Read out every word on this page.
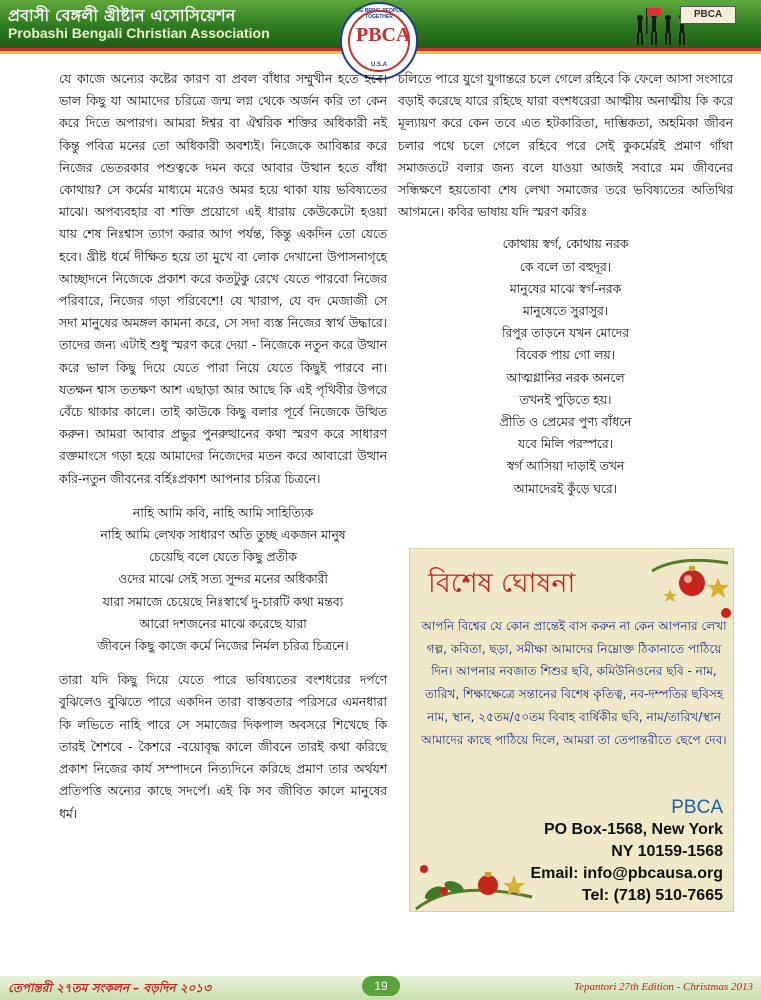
প্রবাসী বেঙ্গলী খ্রীষ্টান এসোসিয়েশন
Probashi Bengali Christian Association
WE BRING PEOPLE TOGETHER
PBCA
U.S.A
PBCA

যে কাজে অন্যের কষ্টের কারণ বা প্রবল বাঁধার সম্মুখীন হতে হবে। ভাল কিছু যা আমাদের চরিত্রে জন্ম লগ্ন থেকে অর্জন করি তা কেন করে দিতে অপারগ। আমরা ঈশ্বর বা ঐশ্বরিক শক্তির অধিকারী নই কিন্তু পবিত্র মনের তো অধিকারী অবশ্যই। নিজেকে আবিষ্কার করে নিজের ভেতরকার পশুত্বকে দমন করে আবার উত্থান হতে বাঁধা কোথায়? সে কর্মের মাধ্যমে মরেও অমর হয়ে থাকা যায় ভবিষ্যতের মাঝে। অপব্যবহার বা শক্তি প্রয়োগে এই ধারায় কেউকেটো হওয়া যায় শেষ নিঃশ্বাস ত্যাগ করার আগ পর্যন্ত, কিন্তু একদিন তো যেতে হবে। খ্রীষ্ট ধর্মে দীক্ষিত হয়ে তা মুখে বা লোক দেখানো উপাসনাগৃহে আচ্ছাদনে নিজেকে প্রকাশ করে কতটুকু রেখে যেতে পারবো নিজের পরিবারে, নিজের গড়া পরিবেশে! যে খারাপ, যে বদ মেজাজী সে সদা মানুষের অমঙ্গল কামনা করে, সে সদা ব্যস্ত নিজের স্বার্থ উদ্ধারে। তাদের জন্য এটাই শুধু স্মরণ করে দেয়া - নিজেকে নতুন করে উত্থান করে ভাল কিছু দিয়ে যেতে পারা নিয়ে যেতে কিছুই পারবে না। যতক্ষন শ্বাস ততক্ষণ আশ এছাড়া আর আছে কি এই পৃথিবীর উপরে বেঁচে থাকার কালে। তাই কাউকে কিছু বলার পূর্বে নিজেকে উত্থিত করুন। আমরা আবার প্রভুর পুনরুত্থানের কথা স্মরণ করে সাধারণ রক্তমাংসে গড়া হয়ে আমাদের নিজেদের মতন করে আবারো উত্থান করি-নতুন জীবনের বর্হিঃপ্রকাশ আপনার চরিত্র চিত্রনে।

নাহি আমি কবি, নাহি আমি সাহিত্যিক
নাহি আমি লেখক সাধারণ অতি তুচ্ছ একজন মানুষ
চেয়েছি বলে যেতে কিছু প্রতীক
ওদের মাঝে সেই সত্য সুন্দর মনের অধিকারী
যারা সমাজে চেয়েছে নিঃস্বার্থে দু-চারটি কথা মন্তব্য
আরো দশজনের মাঝে করেছে যারা
জীবনে কিছু কাজে কর্মে নিজের নির্মল চরিত্র চিত্রনে।

তারা যদি কিছু দিয়ে যেতে পারে ভবিষ্যতের বংশধরের দর্পণে বুঝিলেও বুঝিতে পারে একদিন তারা বাস্তবতার পরিসরে এমনধারা কি লভিতে নাহি পারে সে সমাজের দিকপাল অবসরে শিখেছে কি তারই শৈশবে - কৈশরে -বয়োবৃদ্ধ কালে জীবনে তারই কথা করিছে প্রকাশ নিজের কার্য সম্পাদনে নিত্যদিনে করিছে প্রমাণ তার অর্থযশ প্রতিপত্তি অন্যের কাছে সদর্পে। এই কি সব জীবিত কালে মানুষের ধর্ম।

চলিতে পারে যুগে যুগান্তরে চলে গেলে রহিবে কি ফেলে আসা সংসারে বড়াই করেছে যারে রহিছে যারা বংশধরেরা আত্মীয় অনাত্মীয় কি করে মূল্যায়ণ করে কেন তবে এত হটকারিতা, দাম্ভিকতা, অহমিকা জীবন চলার পথে চলে গেলে রহিবে পরে সেই কুকর্মেরই প্রমাণ গাঁথা সমাজতটে বলার জন্য বলে যাওয়া আজই সবারে মম জীবনের সন্ধিক্ষণে হয়তোবা শেষ লেখা সমাজের তরে ভবিষ্যতের অতিথির আগমনে। কবির ভাষায় যদি স্মরণ করিঃ

কোথায় স্বর্গ, কোথায় নরক
কে বলে তা বহুদূর।
মানুষের মাঝে স্বর্গ-নরক
মানুষেতে সুরাসুর।
রিপুর তাড়নে যখন মোদের
বিবেক পায় গো লয়।
আত্মগ্লানির নরক অনলে
তখনই পুড়িতে হয়।
প্রীতি ও প্রেমের পুণ্য বাঁধনে
যবে মিলি পরস্পরে।
স্বর্গ আসিয়া দাড়াই তখন
আমাদেরই কুঁড়ে ঘরে।
বিশেষ ঘোষনা
আপনি বিশ্বের যে কোন প্রান্তেই বাস করুন না কেন আপনার লেখা গল্প, কবিতা, ছড়া, সমীক্ষা আমাদের নিম্নোক্ত ঠিকানাতে পাঠিয়ে দিন। আপনার নবজাত শিশুর ছবি, কমিউনিওনের ছবি - নাম, তারিখ, শিক্ষাক্ষেত্রে সন্তানের বিশেষ কৃতিত্ব, নব-দম্পতির ছবিসহ নাম, স্থান, ২৫তম/৫০তম বিবাহ বার্ষিকীর ছবি, নাম/তারিখ/স্থান আমাদের কাছে পাঠিয়ে দিলে, আমরা তা তেপান্তরীতে ছেপে দেব।
PBCA
PO Box-1568, New York
NY 10159-1568
Email: info@pbcausa.org
Tel: (718) 510-7665
তেপান্তরী ২৭তম সংকলন – বড়দিন ২০১৩	Tepantori 27th Edition - Christmas 2013
19
